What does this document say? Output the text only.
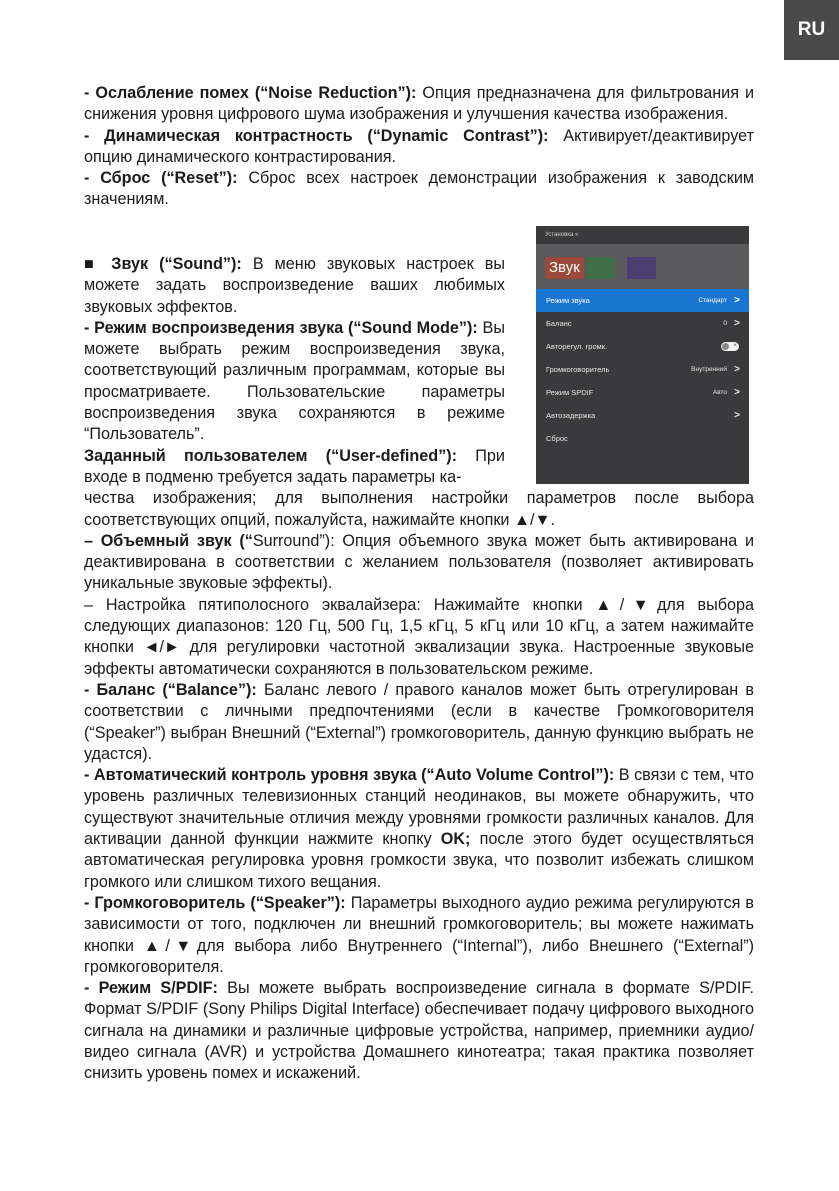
RU

- Ослабление помех (“Noise Reduction”): Опция предназначена для фильтрования и снижения уровня цифрового шума изображения и улучшения качества изображения.

- Динамическая контрастность (“Dynamic Contrast”): Активирует/деактивирует опцию динамического контрастирования.

- Сброс (“Reset”): Сброс всех настроек демонстрации изображения к заводским значениям.

■ Звук (“Sound”): В меню звуковых настроек вы можете задать воспроизведение ваших любимых звуковых эффектов.

- Режим воспроизведения звука (“Sound Mode”): Вы можете выбрать режим воспроизведения звука, соответствующий различным программам, которые вы просматриваете. Пользовательские параметры воспроизведения звука сохраняются в режиме “Пользователь”.

Заданный пользователем (“User-defined”): При входе в подменю требуется задать параметры ка-

чества изображения; для выполнения настройки параметров после выбора соответствующих опций, пожалуйста, нажимайте кнопки ▲/▼.

– Объемный звук (“Surround”): Опция объемного звука может быть активирована и деактивирована в соответствии с желанием пользователя (позволяет активировать уникальные звуковые эффекты).

– Настройка пятиполосного эквалайзера: Нажимайте кнопки ▲/▼для выбора следующих диапазонов: 120 Гц, 500 Гц, 1,5 кГц, 5 кГц или 10 кГц, а затем нажимайте кнопки ◄/► для регулировки частотной эквализации звука. Настроенные звуковые эффекты автоматически сохраняются в пользовательском режиме.

- Баланс (“Balance”): Баланс левого / правого каналов может быть отрегулирован в соответствии с личными предпочтениями (если в качестве Громкоговорителя (“Speaker”) выбран Внешний (“External”) громкоговоритель, данную функцию выбрать не удастся).

- Автоматический контроль уровня звука (“Auto Volume Control”): В связи с тем, что уровень различных телевизионных станций неодинаков, вы можете обнаружить, что существуют значительные отличия между уровнями громкости различных каналов. Для активации данной функции нажмите кнопку OK; после этого будет осуществляться автоматическая регулировка уровня громкости звука, что позволит избежать слишком громкого или слишком тихого вещания.

- Громкоговоритель (“Speaker”): Параметры выходного аудио режима регулируются в зависимости от того, подключен ли внешний громкоговоритель; вы можете нажимать кнопки ▲/▼для выбора либо Внутреннего (“Internal”), либо Внешнего (“External”) громкоговорителя.

- Режим S/PDIF: Вы можете выбрать воспроизведение сигнала в формате S/PDIF. Формат S/PDIF (Sony Philips Digital Interface) обеспечивает подачу цифрового выходного сигнала на динамики и различные цифровые устройства, например, приемники аудио/видео сигнала (AVR) и устройства Домашнего кинотеатра; такая практика позволяет снизить уровень помех и искажений.

Установка »
Звук
Режим звука	Стандарт >
Баланс	0 >
Авторегул. громк.	×
Громкоговоритель	Внутренний >
Режим SPDIF	Авто >
Автозадержка	>
Сброс
